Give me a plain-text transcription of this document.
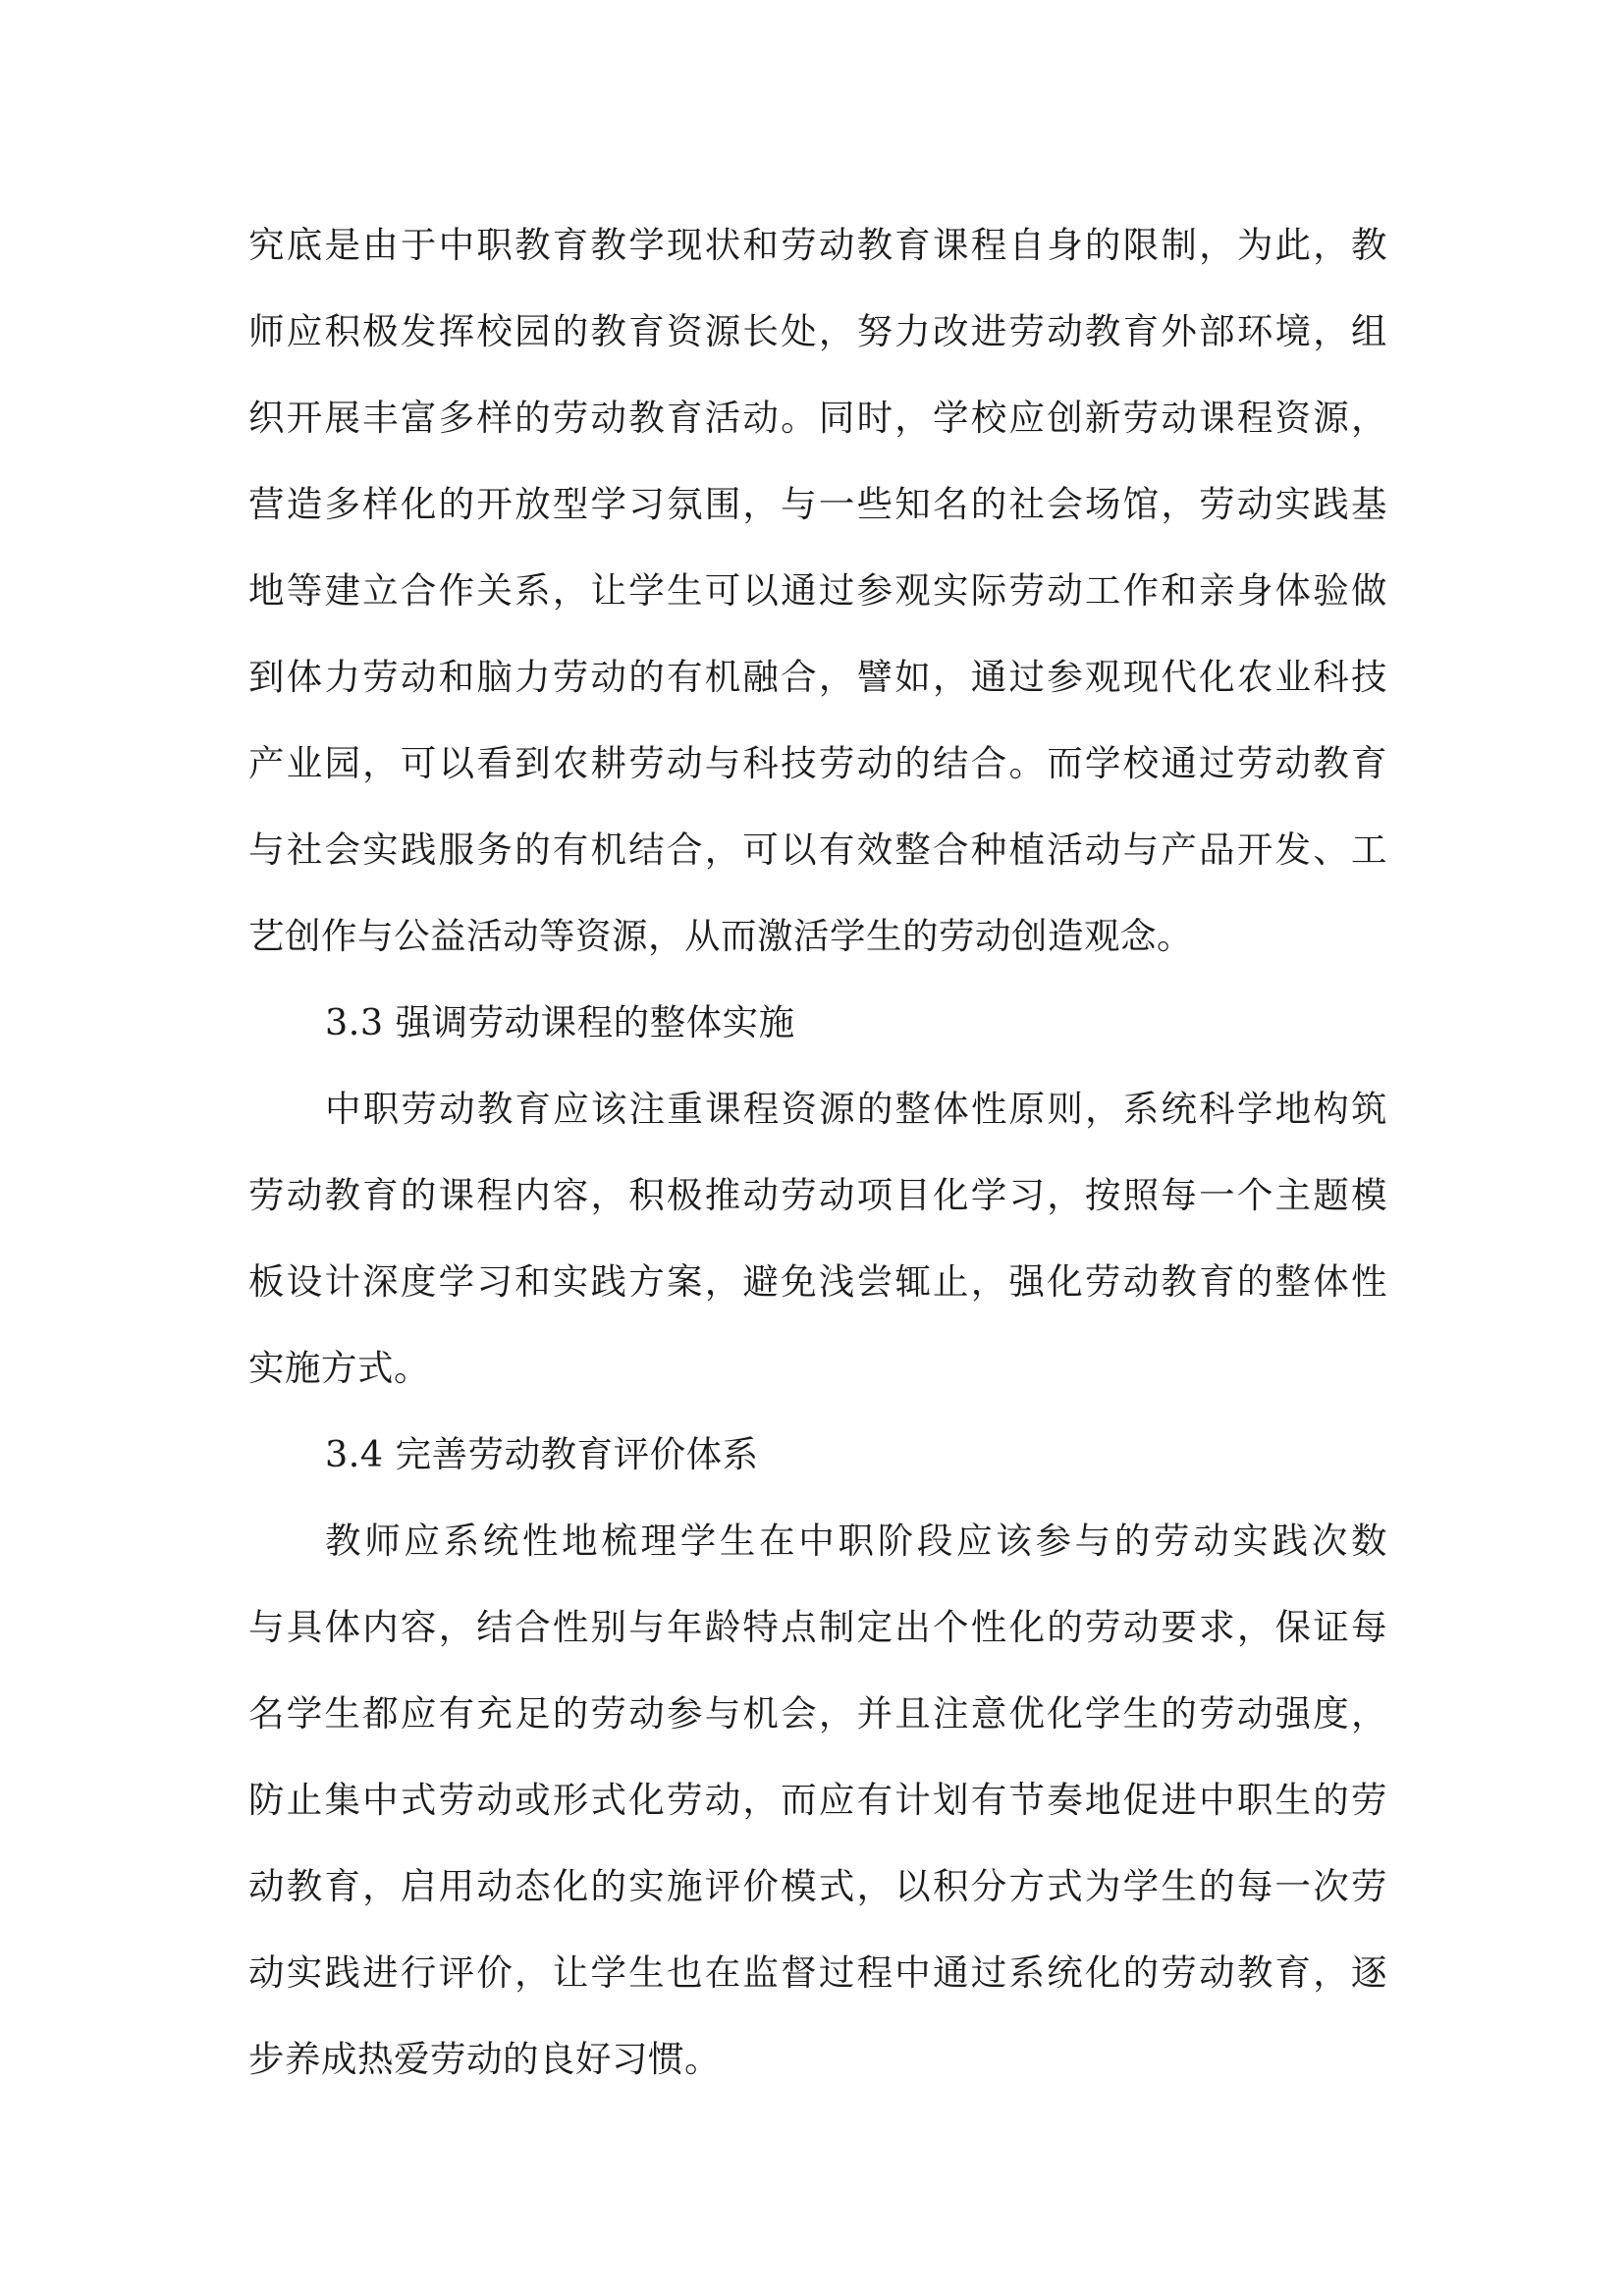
究底是由于中职教育教学现状和劳动教育课程自身的限制，为此，教
师应积极发挥校园的教育资源长处，努力改进劳动教育外部环境，组
织开展丰富多样的劳动教育活动。同时，学校应创新劳动课程资源，
营造多样化的开放型学习氛围，与一些知名的社会场馆，劳动实践基
地等建立合作关系，让学生可以通过参观实际劳动工作和亲身体验做
到体力劳动和脑力劳动的有机融合，譬如，通过参观现代化农业科技
产业园，可以看到农耕劳动与科技劳动的结合。而学校通过劳动教育
与社会实践服务的有机结合，可以有效整合种植活动与产品开发、工
艺创作与公益活动等资源，从而激活学生的劳动创造观念。
3.3 强调劳动课程的整体实施
中职劳动教育应该注重课程资源的整体性原则，系统科学地构筑
劳动教育的课程内容，积极推动劳动项目化学习，按照每一个主题模
板设计深度学习和实践方案，避免浅尝辄止，强化劳动教育的整体性
实施方式。
3.4 完善劳动教育评价体系
教师应系统性地梳理学生在中职阶段应该参与的劳动实践次数
与具体内容，结合性别与年龄特点制定出个性化的劳动要求，保证每
名学生都应有充足的劳动参与机会，并且注意优化学生的劳动强度，
防止集中式劳动或形式化劳动，而应有计划有节奏地促进中职生的劳
动教育，启用动态化的实施评价模式，以积分方式为学生的每一次劳
动实践进行评价，让学生也在监督过程中通过系统化的劳动教育，逐
步养成热爱劳动的良好习惯。
